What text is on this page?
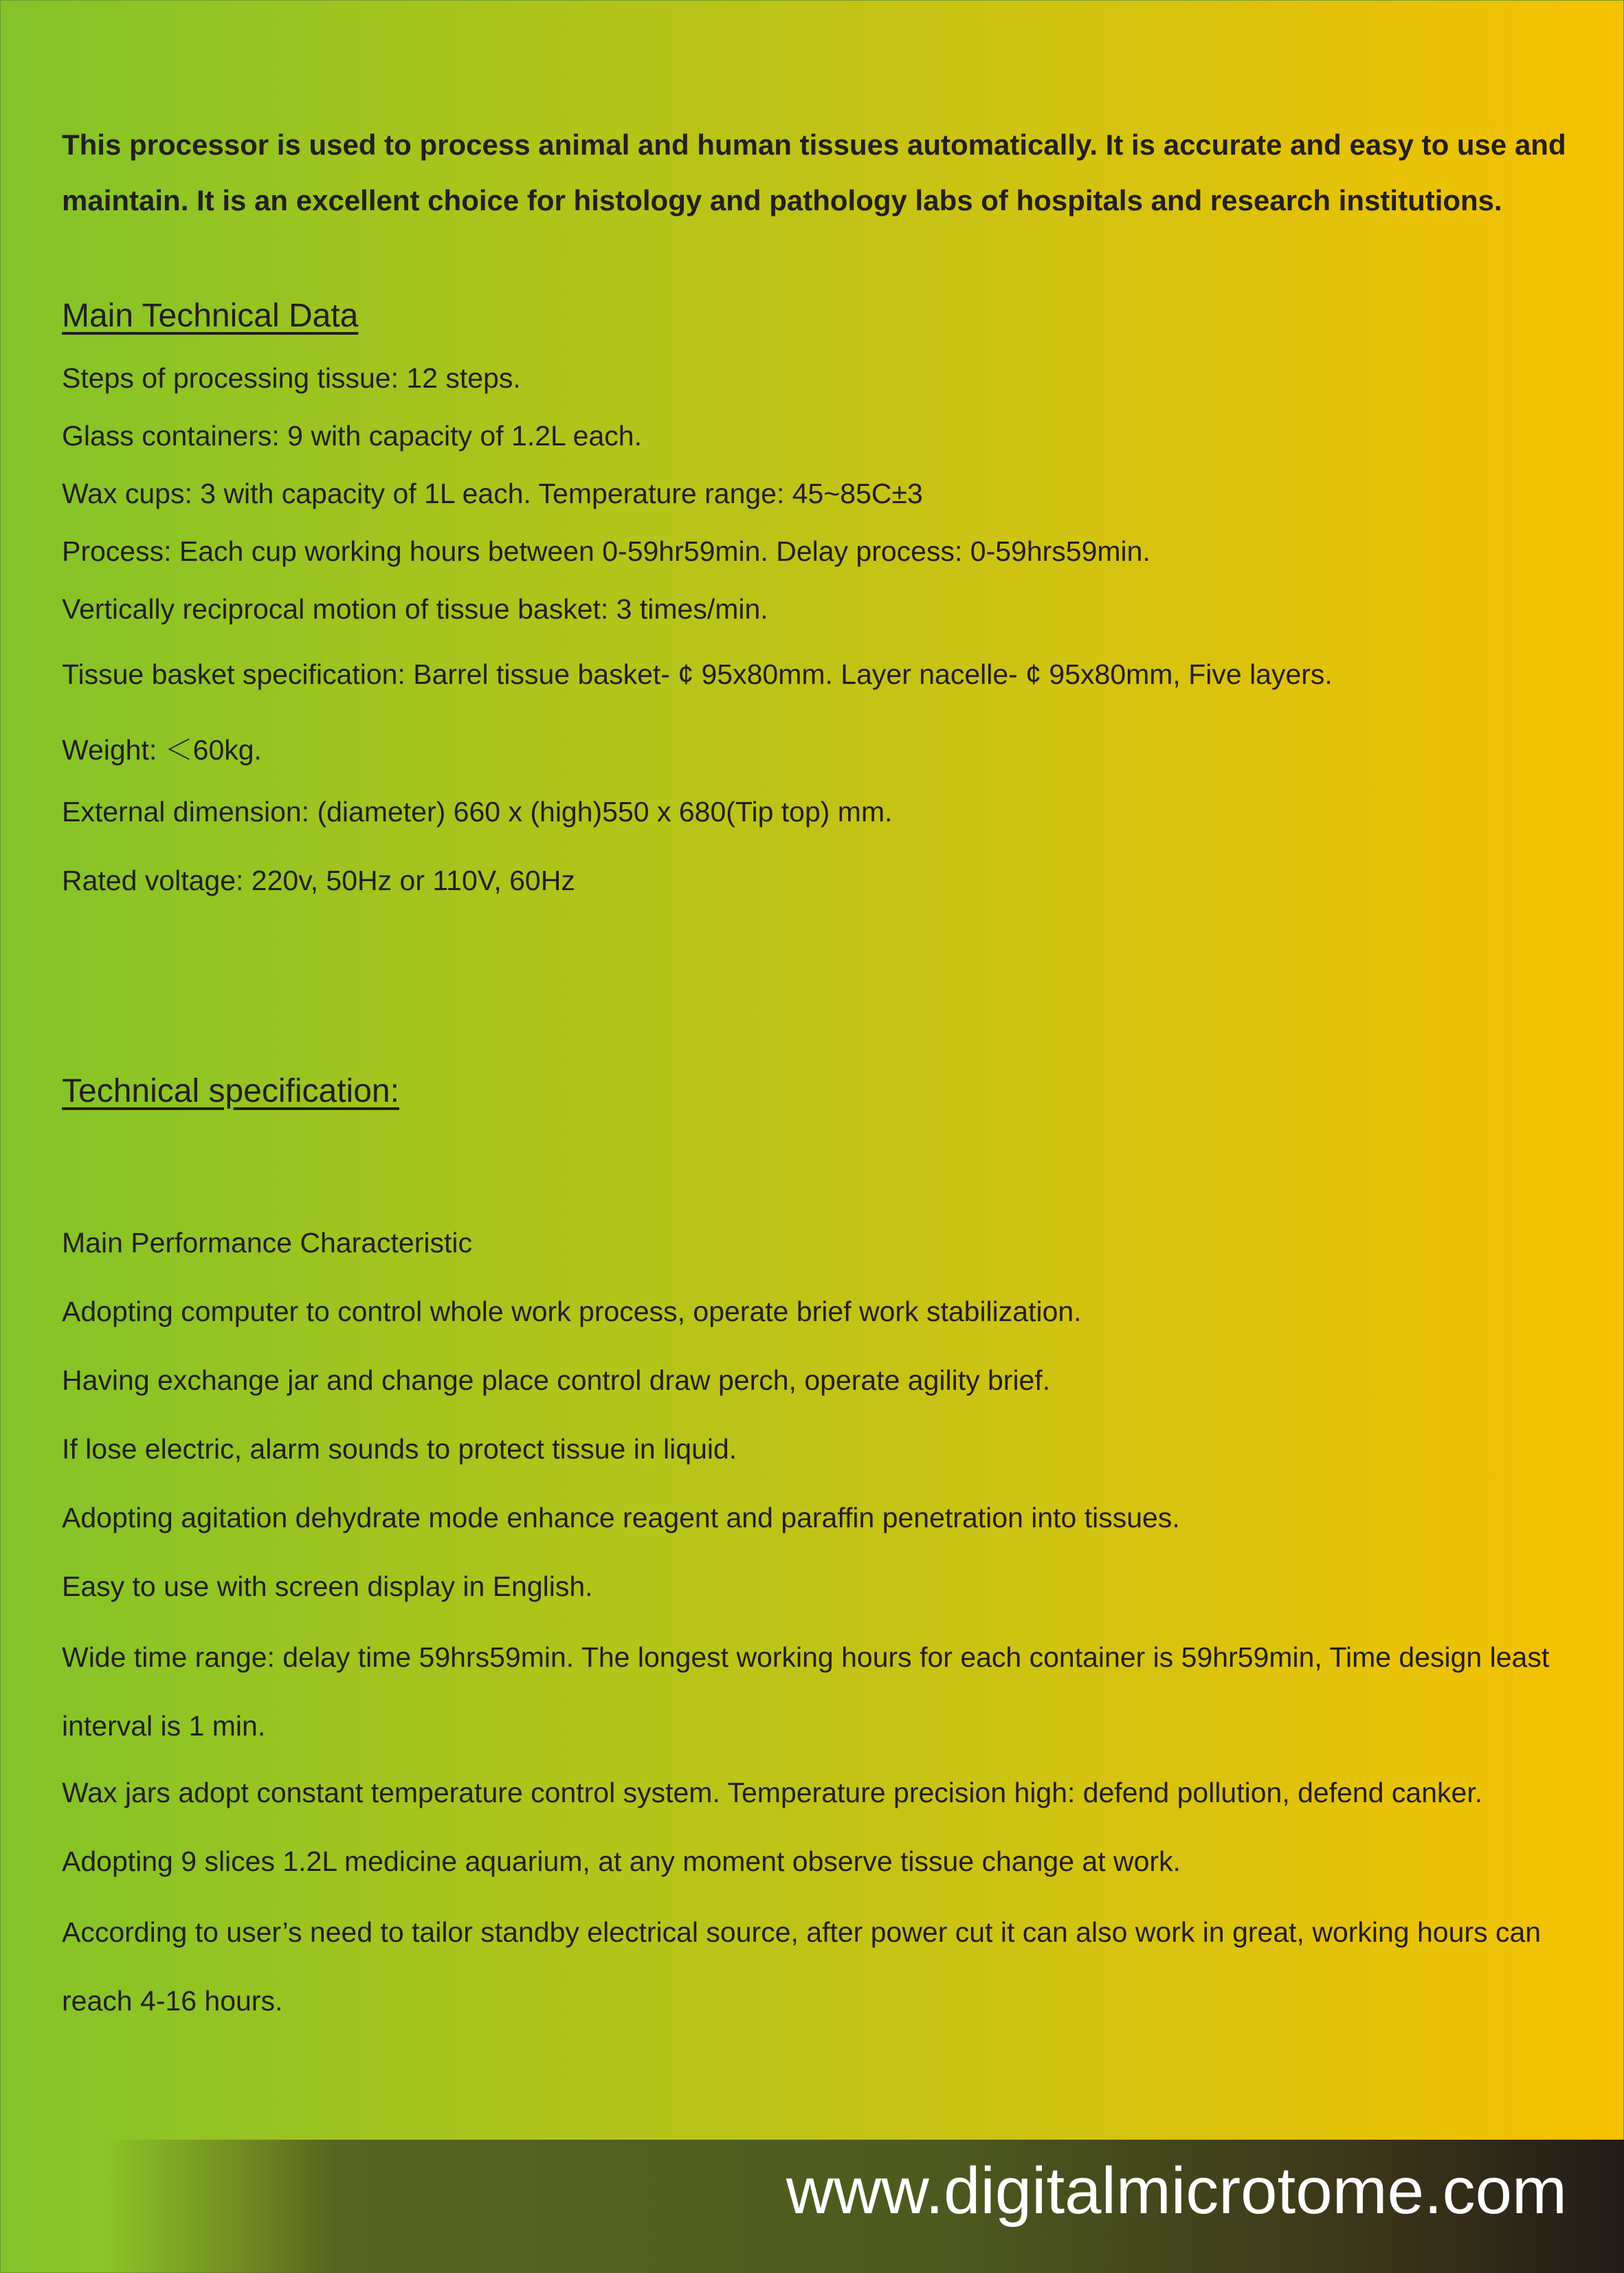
This processor is used to process animal and human tissues automatically. It is accurate and easy to use and maintain. It is an excellent choice for histology and pathology labs of hospitals and research institutions.

Main Technical Data

Steps of processing tissue: 12 steps.

Glass containers: 9 with capacity of 1.2L each.

Wax cups: 3 with capacity of 1L each. Temperature range: 45~85C±3

Process: Each cup working hours between 0-59hr59min. Delay process: 0-59hrs59min.

Vertically reciprocal motion of tissue basket: 3 times/min.

Tissue basket specification: Barrel tissue basket- ¢ 95x80mm. Layer nacelle- ¢ 95x80mm, Five layers.

Weight: ＜60kg.

External dimension: (diameter) 660 x (high)550 x 680(Tip top) mm.

Rated voltage: 220v, 50Hz or 110V, 60Hz

Technical specification:

Main Performance Characteristic

Adopting computer to control whole work process, operate brief work stabilization.

Having exchange jar and change place control draw perch, operate agility brief.

If lose electric, alarm sounds to protect tissue in liquid.

Adopting agitation dehydrate mode enhance reagent and paraffin penetration into tissues.

Easy to use with screen display in English.

Wide time range: delay time 59hrs59min. The longest working hours for each container is 59hr59min, Time design least interval is 1 min.

Wax jars adopt constant temperature control system. Temperature precision high: defend pollution, defend canker.

Adopting 9 slices 1.2L medicine aquarium, at any moment observe tissue change at work.

According to user’s need to tailor standby electrical source, after power cut it can also work in great, working hours can reach 4-16 hours.

www.digitalmicrotome.com
